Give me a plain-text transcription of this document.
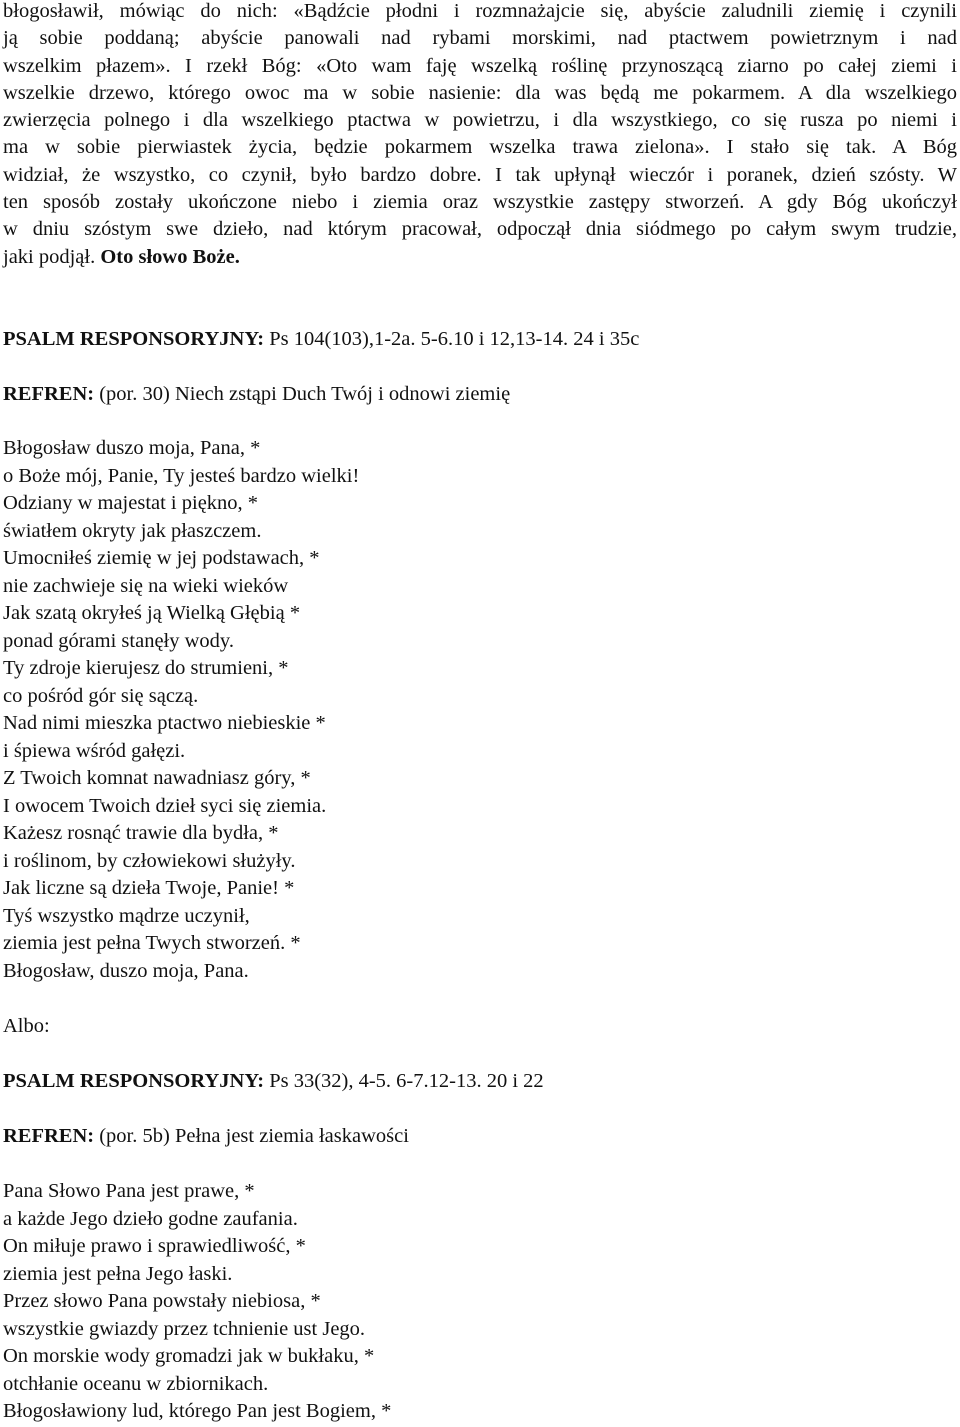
błogosławił, mówiąc do nich: «Bądźcie płodni i rozmnażajcie się, abyście zaludnili ziemię i czynili
ją sobie poddaną; abyście panowali nad rybami morskimi, nad ptactwem powietrznym i nad
wszelkim płazem». I rzekł Bóg: «Oto wam faję wszelką roślinę przynoszącą ziarno po całej ziemi i
wszelkie drzewo, którego owoc ma w sobie nasienie: dla was będą me pokarmem. A dla wszelkiego
zwierzęcia polnego i dla wszelkiego ptactwa w powietrzu, i dla wszystkiego, co się rusza po niemi i
ma w sobie pierwiastek życia, będzie pokarmem wszelka trawa zielona». I stało się tak. A Bóg
widział, że wszystko, co czynił, było bardzo dobre. I tak upłynął wieczór i poranek, dzień szósty. W
ten sposób zostały ukończone niebo i ziemia oraz wszystkie zastępy stworzeń. A gdy Bóg ukończył
w dniu szóstym swe dzieło, nad którym pracował, odpoczął dnia siódmego po całym swym trudzie,
jaki podjął. Oto słowo Boże.
PSALM RESPONSORYJNY: Ps 104(103),1-2a. 5-6.10 i 12,13-14. 24 i 35c
REFREN: (por. 30) Niech zstąpi Duch Twój i odnowi ziemię
Błogosław duszo moja, Pana, *
o Boże mój, Panie, Ty jesteś bardzo wielki!
Odziany w majestat i piękno, *
światłem okryty jak płaszczem.
Umocniłeś ziemię w jej podstawach, *
nie zachwieje się na wieki wieków
Jak szatą okryłeś ją Wielką Głębią *
ponad górami stanęły wody.
Ty zdroje kierujesz do strumieni, *
co pośród gór się sączą.
Nad nimi mieszka ptactwo niebieskie *
i śpiewa wśród gałęzi.
Z Twoich komnat nawadniasz góry, *
I owocem Twoich dzieł syci się ziemia.
Każesz rosnąć trawie dla bydła, *
i roślinom, by człowiekowi służyły.
Jak liczne są dzieła Twoje, Panie! *
Tyś wszystko mądrze uczynił,
ziemia jest pełna Twych stworzeń. *
Błogosław, duszo moja, Pana.
Albo:
PSALM RESPONSORYJNY: Ps 33(32), 4-5. 6-7.12-13. 20 i 22
REFREN: (por. 5b) Pełna jest ziemia łaskawości
Pana Słowo Pana jest prawe, *
a każde Jego dzieło godne zaufania.
On miłuje prawo i sprawiedliwość, *
ziemia jest pełna Jego łaski.
Przez słowo Pana powstały niebiosa, *
wszystkie gwiazdy przez tchnienie ust Jego.
On morskie wody gromadzi jak w bukłaku, *
otchłanie oceanu w zbiornikach.
Błogosławiony lud, którego Pan jest Bogiem, *
